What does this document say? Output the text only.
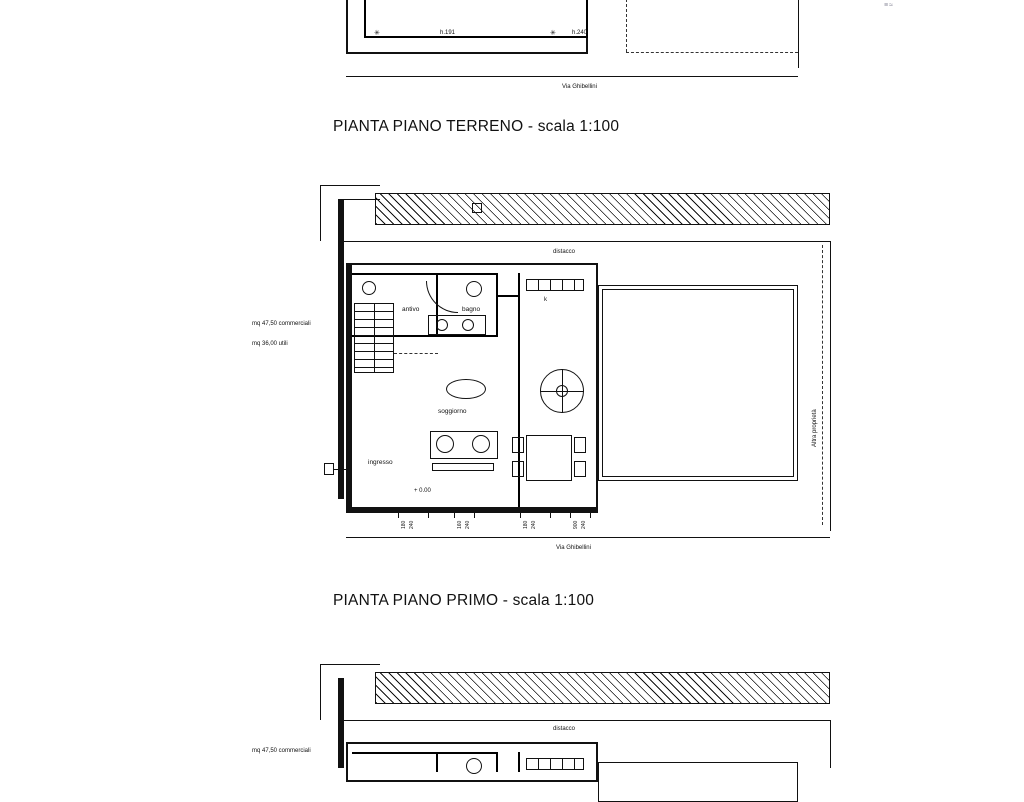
✳	h.191	✳	h.240
Via Ghibellini
PIANTA PIANO TERRENO - scala 1:100
≡≈
distacco
Altra proprietà
Via Ghibellini
antivo	bagno
k
soggiorno
ingresso
+ 0.00
180 240	160 240	180 240	900 240
mq 47,50 commerciali
mq 36,00 utili
PIANTA PIANO PRIMO - scala 1:100
distacco
mq 47,50 commerciali
